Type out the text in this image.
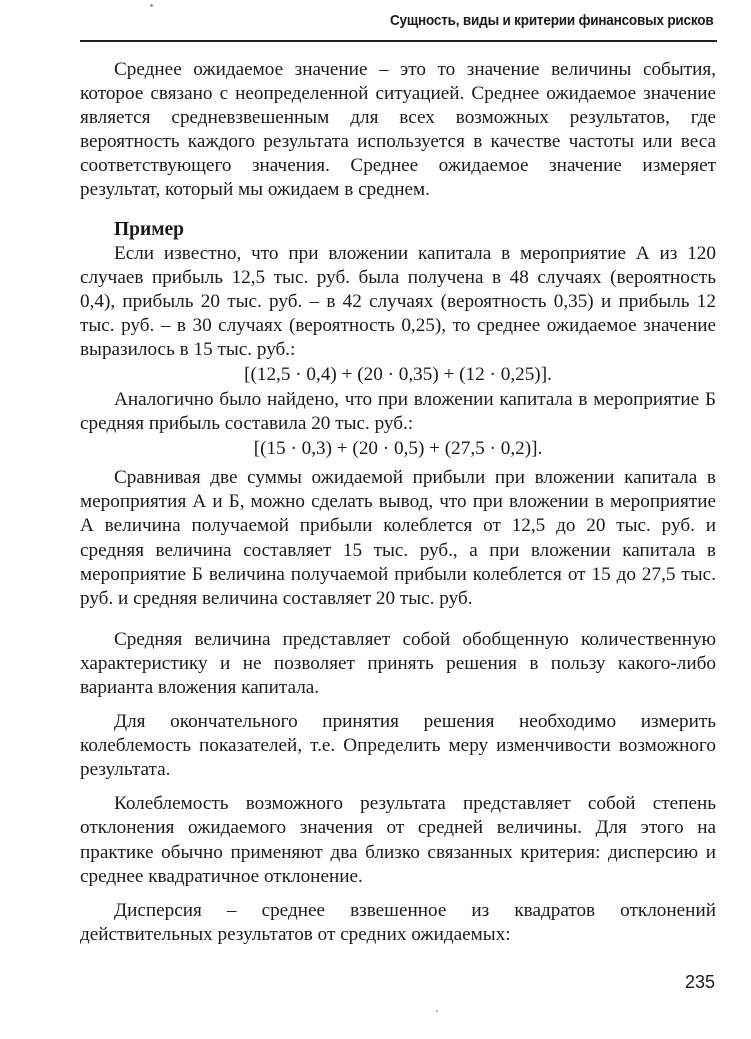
Сущность, виды и критерии финансовых рисков

Среднее ожидаемое значение – это то значение величины события, которое связано с неопределенной ситуацией. Среднее ожидаемое значение является средневзвешенным для всех возможных результатов, где вероятность каждого результата используется в качестве частоты или веса соответствующего значения. Среднее ожидаемое значение измеряет результат, который мы ожидаем в среднем.

Пример

Если известно, что при вложении капитала в мероприятие А из 120 случаев прибыль 12,5 тыс. руб. была получена в 48 случаях (вероятность 0,4), прибыль 20 тыс. руб. – в 42 случаях (вероятность 0,35) и прибыль 12 тыс. руб. – в 30 случаях (вероятность 0,25), то среднее ожидаемое значение выразилось в 15 тыс. руб.:

[(12,5 · 0,4) + (20 · 0,35) + (12 · 0,25)].

Аналогично было найдено, что при вложении капитала в мероприятие Б средняя прибыль составила 20 тыс. руб.:

[(15 · 0,3) + (20 · 0,5) + (27,5 · 0,2)].

Сравнивая две суммы ожидаемой прибыли при вложении капитала в мероприятия А и Б, можно сделать вывод, что при вложении в мероприятие А величина получаемой прибыли колеблется от 12,5 до 20 тыс. руб. и средняя величина составляет 15 тыс. руб., а при вложении капитала в мероприятие Б величина получаемой прибыли колеблется от 15 до 27,5 тыс. руб. и средняя величина составляет 20 тыс. руб.

Средняя величина представляет собой обобщенную количественную характеристику и не позволяет принять решения в пользу какого-либо варианта вложения капитала.

Для окончательного принятия решения необходимо измерить колеблемость показателей, т.е. Определить меру изменчивости возможного результата.

Колеблемость возможного результата представляет собой степень отклонения ожидаемого значения от средней величины. Для этого на практике обычно применяют два близко связанных критерия: дисперсию и среднее квадратичное отклонение.

Дисперсия – среднее взвешенное из квадратов отклонений действительных результатов от средних ожидаемых:

235
